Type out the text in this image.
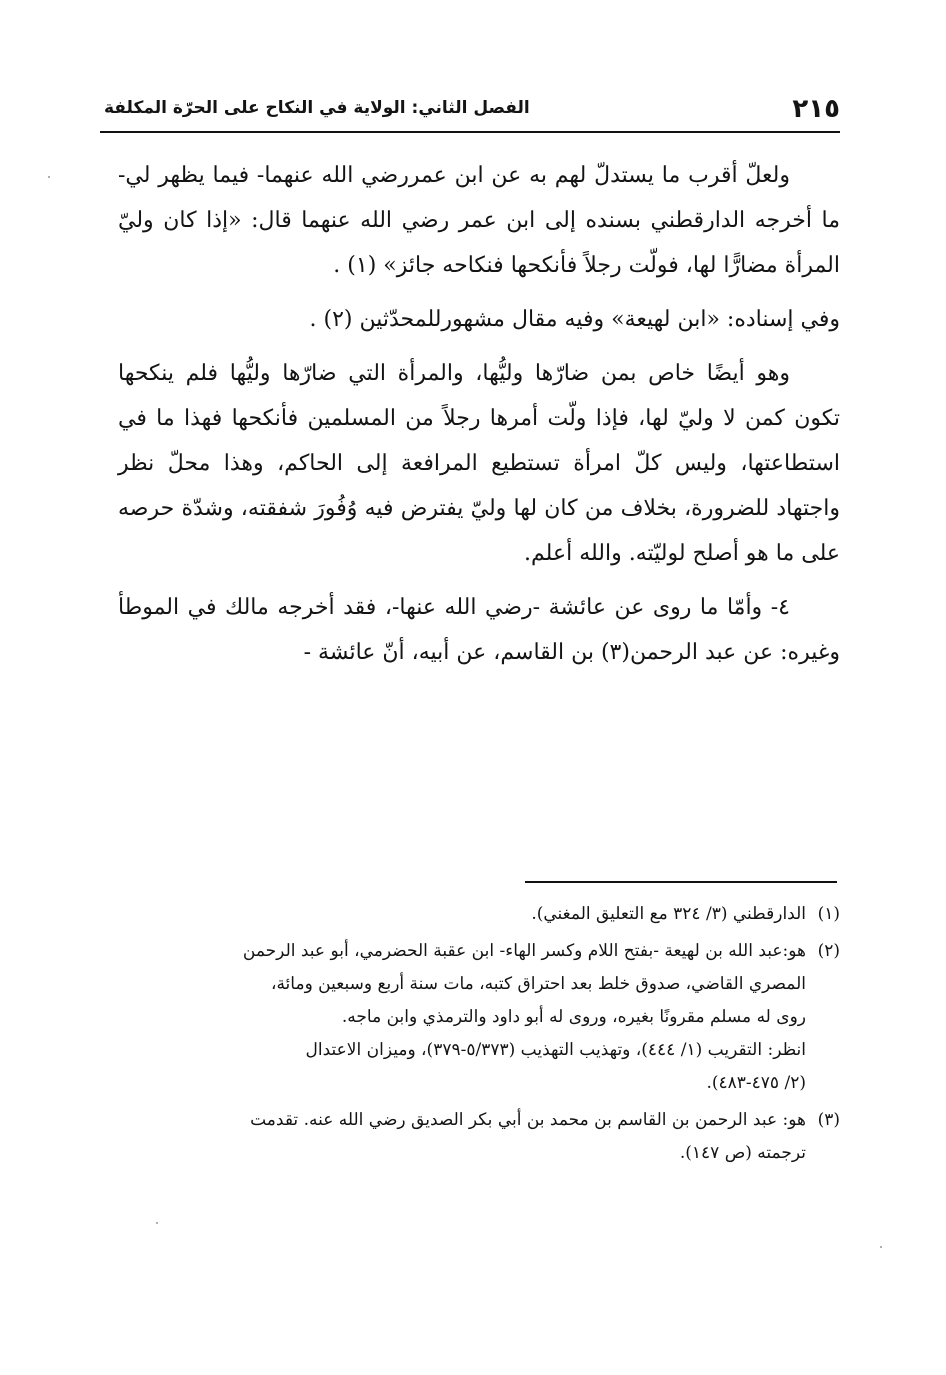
٢١٥
الفصل الثاني: الولاية في النكاح على الحرّة المكلفة

ولعلّ أقرب ما يستدلّ لهم به عن ابن عمررضي الله عنهما- فيما يظهر لي- ما أخرجه الدارقطني بسنده إلى ابن عمر رضي الله عنهما قال: «إذا كان وليّ المرأة مضارًّا لها، فولّت رجلاً فأنكحها فنكاحه جائز» (١) .

وفي إسناده: «ابن لهيعة» وفيه مقال مشهورللمحدّثين (٢) .

وهو أيضًا خاص بمن ضارّها وليُّها، والمرأة التي ضارّها وليُّها فلم ينكحها تكون كمن لا وليّ لها، فإذا ولّت أمرها رجلاً من المسلمين فأنكحها فهذا ما في استطاعتها، وليس كلّ امرأة تستطيع المرافعة إلى الحاكم، وهذا محلّ نظر واجتهاد للضرورة، بخلاف من كان لها وليّ يفترض فيه وُفُورَ شفقته، وشدّة حرصه على ما هو أصلح لوليّته. والله أعلم.

٤- وأمّا ما روى عن عائشة -رضي الله عنها-، فقد أخرجه مالك في الموطأ وغيره: عن عبد الرحمن(٣) بن القاسم، عن أبيه، أنّ عائشة -

(١)
الدارقطني (٣/ ٣٢٤ مع التعليق المغني).
(٢)
هو:عبد الله بن لهيعة -بفتح اللام وكسر الهاء- ابن عقبة الحضرمي، أبو عبد الرحمن
المصري القاضي، صدوق خلط بعد احتراق كتبه، مات سنة أربع وسبعين ومائة،
روى له مسلم مقرونًا بغيره، وروى له أبو داود والترمذي وابن ماجه.
انظر: التقريب (١/ ٤٤٤)، وتهذيب التهذيب (٥/٣٧٣-٣٧٩)، وميزان الاعتدال
(٢/ ٤٧٥-٤٨٣).
(٣)
هو: عبد الرحمن بن القاسم بن محمد بن أبي بكر الصديق رضي الله عنه. تقدمت
ترجمته (ص ١٤٧).
